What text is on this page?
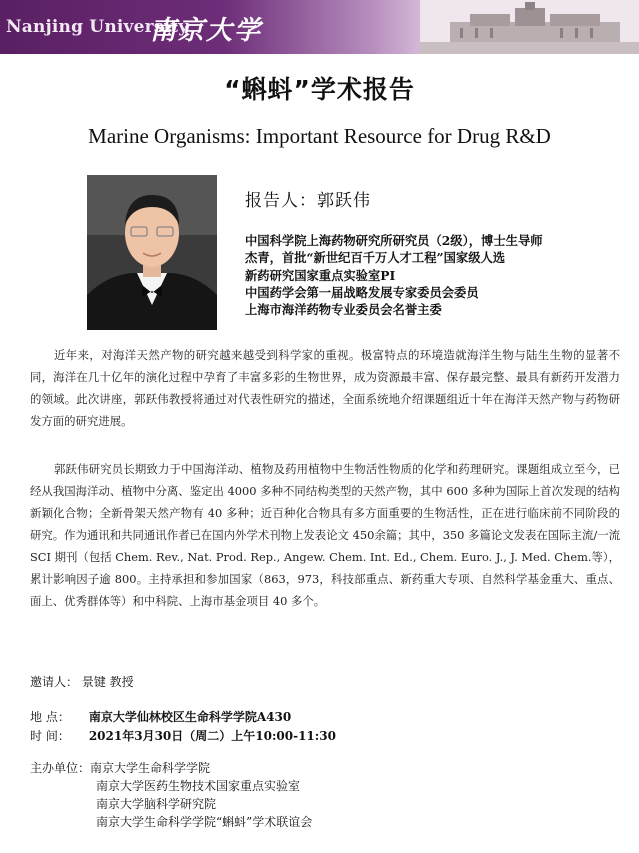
Nanjing University
南京大学
“蝌蚪”学术报告
Marine Organisms: Important Resource for Drug R&D
报告人：郭跃伟
中国科学院上海药物研究所研究员（2级），博士生导师
杰青，首批“新世纪百千万人才工程”国家级人选
新药研究国家重点实验室PI
中国药学会第一届战略发展专家委员会委员
上海市海洋药物专业委员会名誉主委

近年来，对海洋天然产物的研究越来越受到科学家的重视。极富特点的环境造就海洋生物与陆生生物的显著不同，海洋在几十亿年的演化过程中孕育了丰富多彩的生物世界，成为资源最丰富、保存最完整、最具有新药开发潜力的领域。此次讲座，郭跃伟教授将通过对代表性研究的描述，全面系统地介绍课题组近十年在海洋天然产物与药物研发方面的研究进展。

郭跃伟研究员长期致力于中国海洋动、植物及药用植物中生物活性物质的化学和药理研究。课题组成立至今，已经从我国海洋动、植物中分离、鉴定出 4000 多种不同结构类型的天然产物，其中 600 多种为国际上首次发现的结构新颖化合物；全新骨架天然产物有 40 多种；近百种化合物具有多方面重要的生物活性，正在进行临床前不同阶段的研究。作为通讯和共同通讯作者已在国内外学术刊物上发表论文 450余篇；其中，350 多篇论文发表在国际主流/一流 SCI 期刊（包括 Chem. Rev., Nat. Prod. Rep., Angew. Chem. Int. Ed., Chem. Euro. J., J. Med. Chem.等），累计影响因子逾 800。主持承担和参加国家（863，973，科技部重点、新药重大专项、自然科学基金重大、重点、面上、优秀群体等）和中科院、上海市基金项目 40 多个。

邀请人： 景键 教授
地 点： 南京大学仙林校区生命科学学院A430
时 间： 2021年3月30日（周二）上午10:00-11:30
主办单位：南京大学生命科学学院
南京大学医药生物技术国家重点实验室
南京大学脑科学研究院
南京大学生命科学学院“蝌蚪”学术联谊会
